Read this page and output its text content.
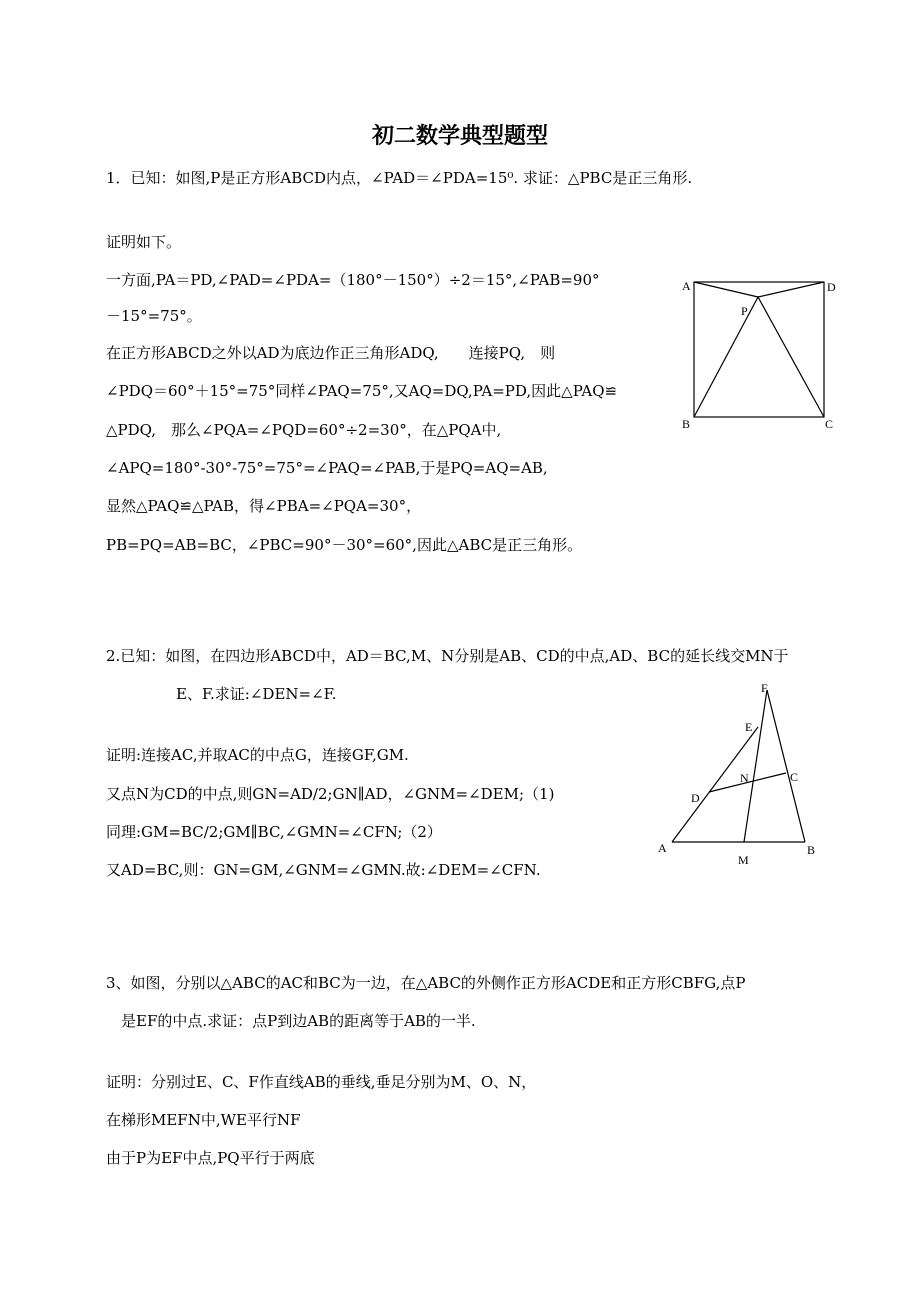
初二数学典型题型
1．已知：如图,P是正方形ABCD内点，∠PAD＝∠PDA=15⁰. 求证：△PBC是正三角形.
证明如下。
一方面,PA＝PD,∠PAD=∠PDA=（180°－150°）÷2＝15°,∠PAB=90°
－15°=75°。
在正方形ABCD之外以AD为底边作正三角形ADQ,　　连接PQ,　则
∠PDQ＝60°＋15°=75°同样∠PAQ=75°,又AQ=DQ,PA=PD,因此△PAQ≌
△PDQ,　那么∠PQA=∠PQD=60°÷2=30°，在△PQA中,
∠APQ=180°-30°-75°=75°=∠PAQ=∠PAB,于是PQ=AQ=AB,
显然△PAQ≌△PAB，得∠PBA=∠PQA=30°，
PB=PQ=AB=BC，∠PBC=90°－30°=60°,因此△ABC是正三角形。
A	D
P
B	C
2.已知：如图，在四边形ABCD中，AD＝BC,M、N分别是AB、CD的中点,AD、BC的延长线交MN于
E、F.求证:∠DEN=∠F.
证明:连接AC,并取AC的中点G，连接GF,GM.
又点N为CD的中点,则GN=AD/2;GN∥AD，∠GNM=∠DEM;（1)
同理:GM=BC/2;GM∥BC,∠GMN=∠CFN;（2）
又AD=BC,则：GN=GM,∠GNM=∠GMN.故:∠DEM=∠CFN.
F
E
N	C
D
A
M
B
3、如图，分别以△ABC的AC和BC为一边，在△ABC的外侧作正方形ACDE和正方形CBFG,点P
是EF的中点.求证：点P到边AB的距离等于AB的一半.
证明：分别过E、C、F作直线AB的垂线,垂足分别为M、O、N，
在梯形MEFN中,WE平行NF
由于P为EF中点,PQ平行于两底
